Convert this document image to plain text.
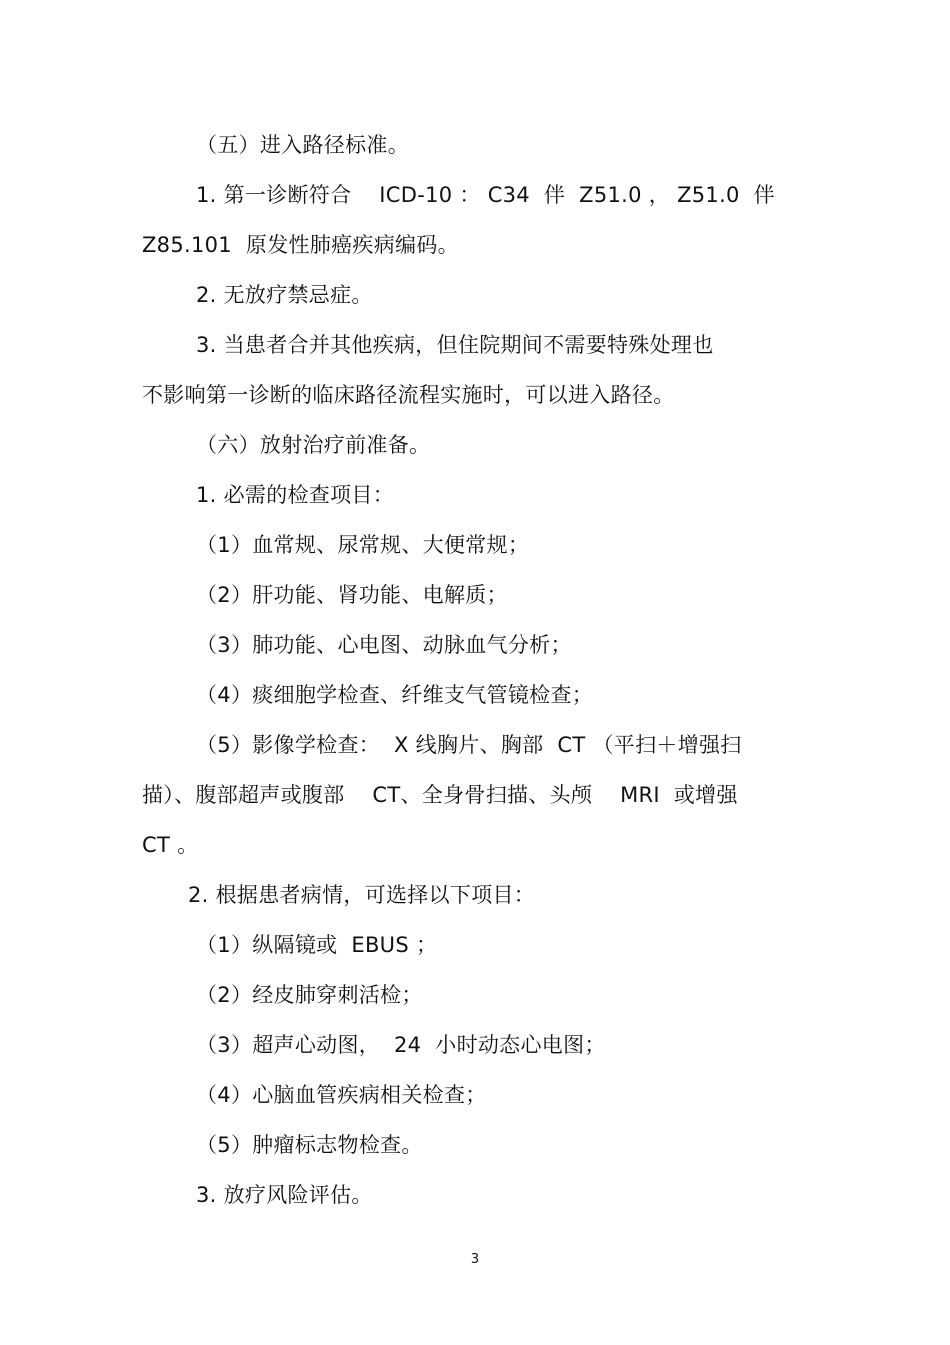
（五）进入路径标准。
1. 第一诊断符合    ICD-10 ： C34  伴  Z51.0 ， Z51.0  伴
Z85.101  原发性肺癌疾病编码。
2. 无放疗禁忌症。
3. 当患者合并其他疾病，但住院期间不需要特殊处理也
不影响第一诊断的临床路径流程实施时，可以进入路径。
（六）放射治疗前准备。
1. 必需的检查项目：
（1）血常规、尿常规、大便常规；
（2）肝功能、肾功能、电解质；
（3）肺功能、心电图、动脉血气分析；
（4）痰细胞学检查、纤维支气管镜检查；
（5）影像学检查：  X 线胸片、胸部  CT （平扫＋增强扫
描）、腹部超声或腹部    CT、全身骨扫描、头颅    MRI  或增强
CT 。
2. 根据患者病情，可选择以下项目：
（1）纵隔镜或  EBUS ；
（2）经皮肺穿刺活检；
（3）超声心动图，  24  小时动态心电图；
（4）心脑血管疾病相关检查；
（5）肿瘤标志物检查。
3. 放疗风险评估。
3
